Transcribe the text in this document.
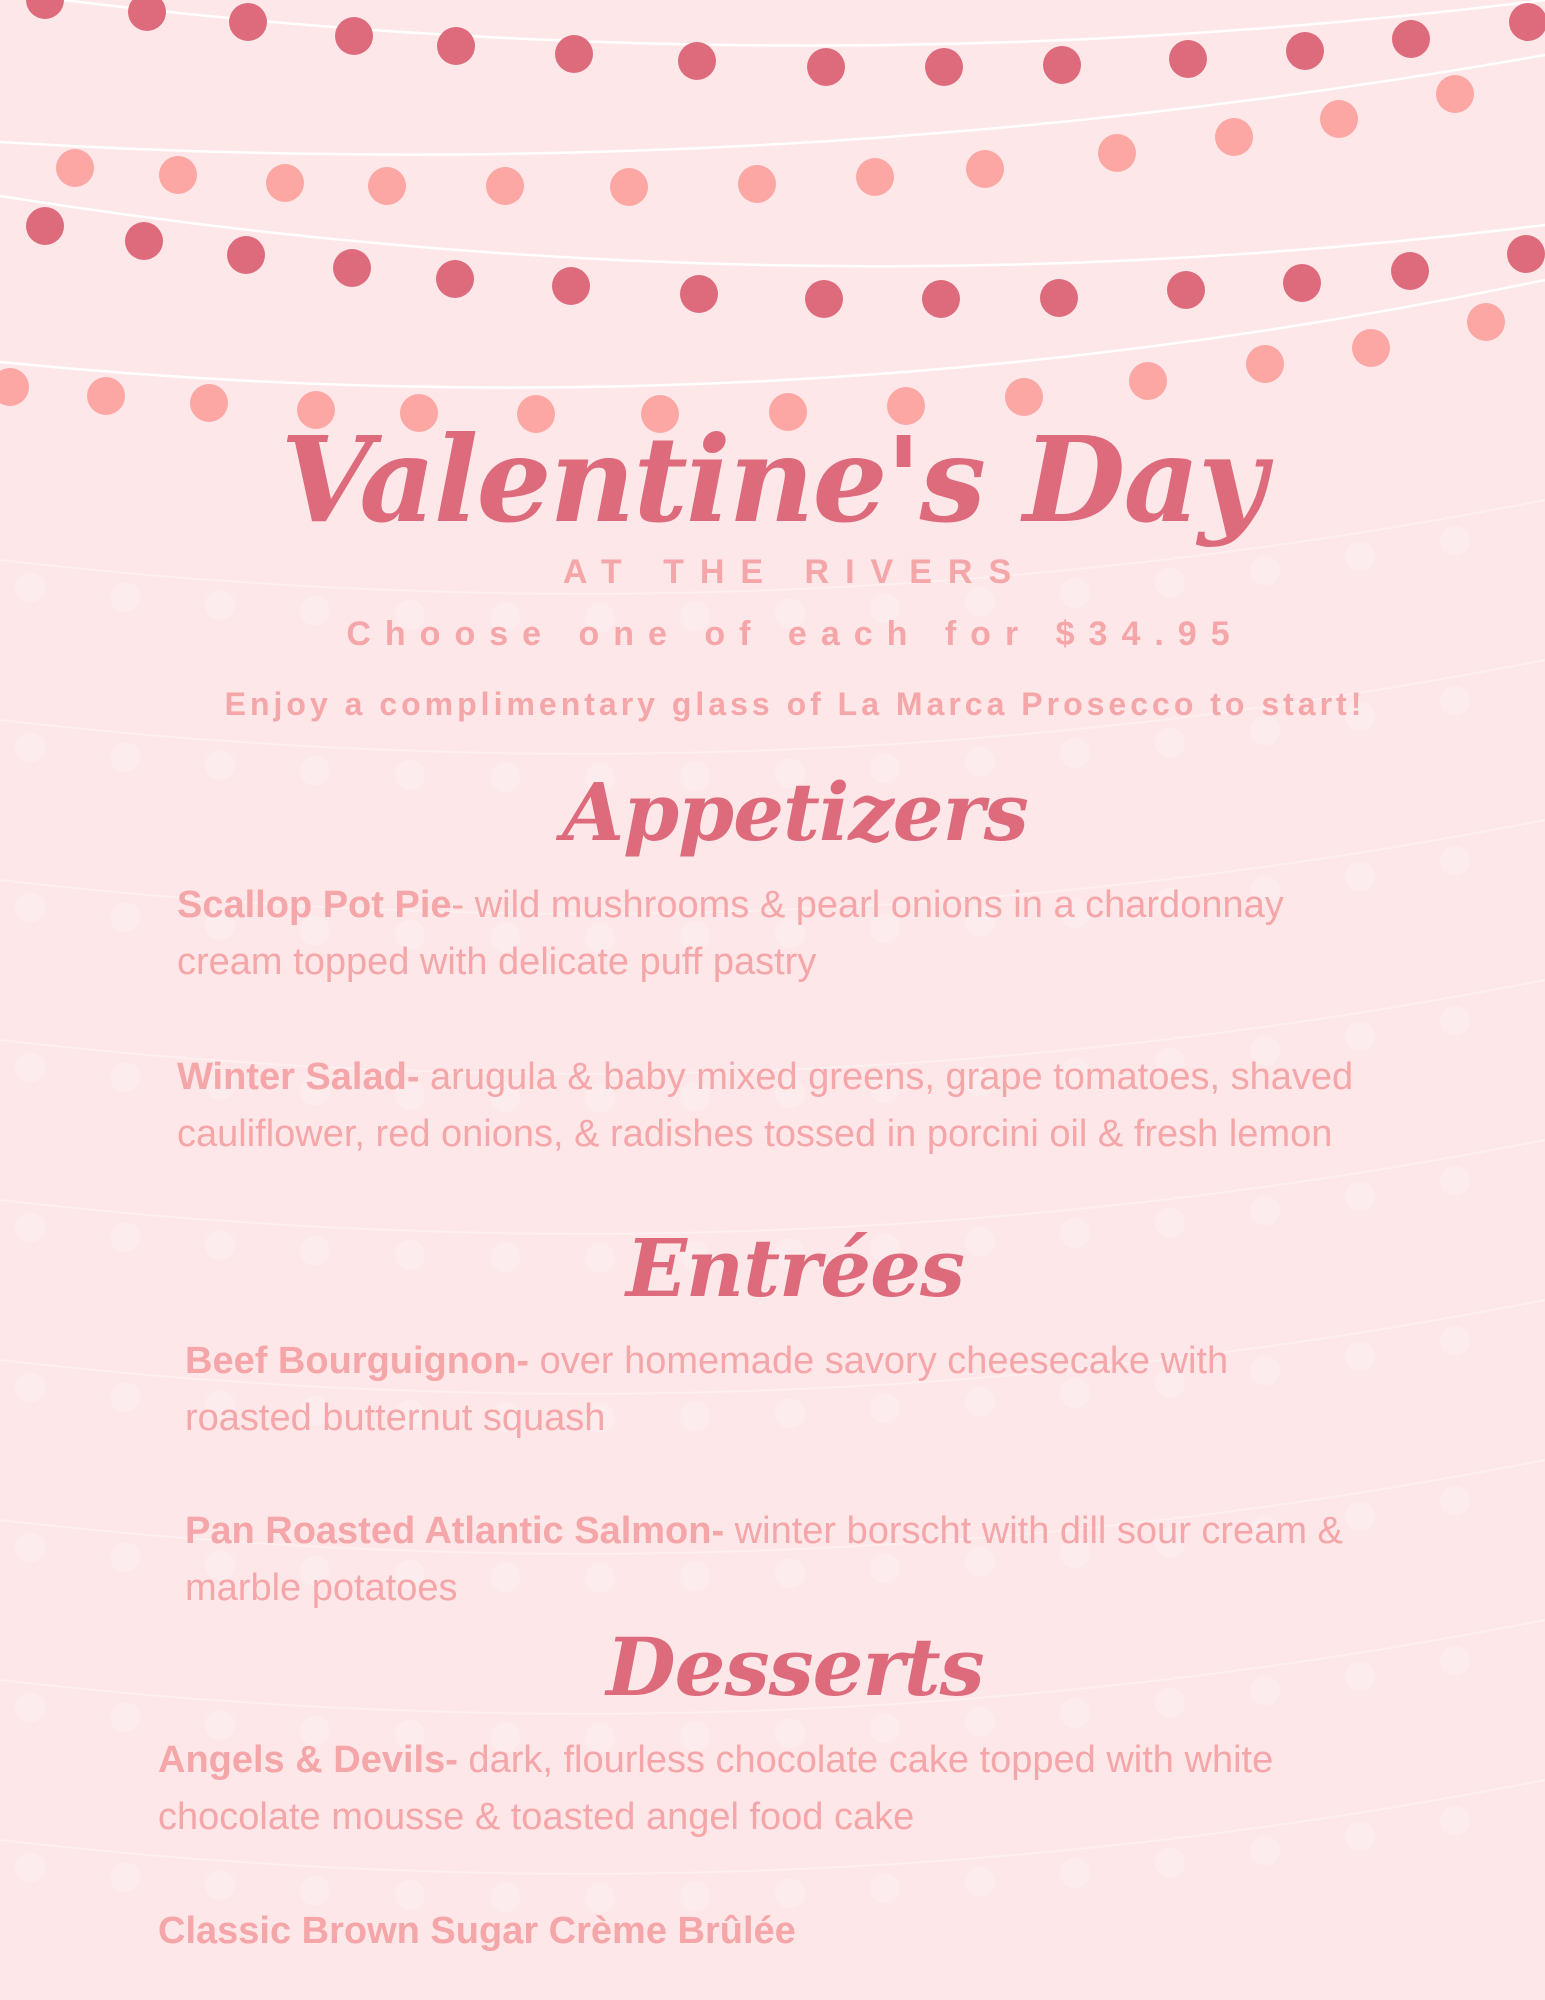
Valentine's Day
AT THE RIVERS
Choose one of each for $34.95
Enjoy a complimentary glass of La Marca Prosecco to start!
Appetizers

Scallop Pot Pie- wild mushrooms & pearl onions in a chardonnay cream topped with delicate puff pastry

Winter Salad- arugula & baby mixed greens, grape tomatoes, shaved cauliflower, red onions, & radishes tossed in porcini oil & fresh lemon

Entrées

Beef Bourguignon- over homemade savory cheesecake with roasted butternut squash

Pan Roasted Atlantic Salmon- winter borscht with dill sour cream & marble potatoes

Desserts

Angels & Devils- dark, flourless chocolate cake topped with white chocolate mousse & toasted angel food cake

Classic Brown Sugar Crème Brûlée
